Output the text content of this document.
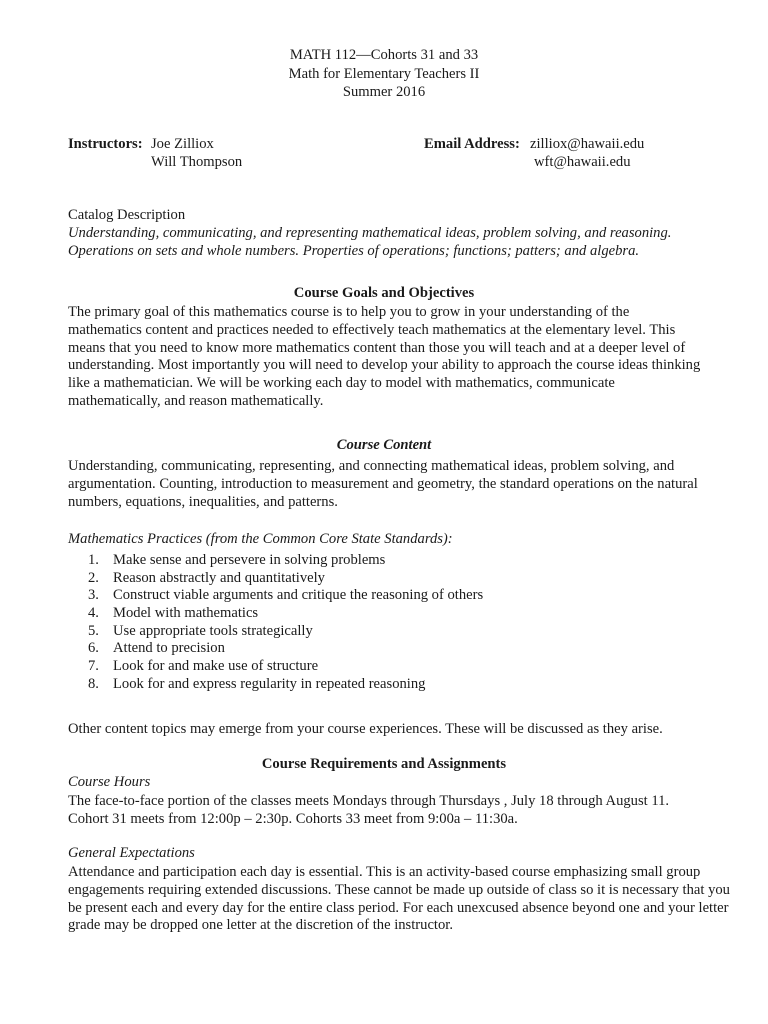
MATH 112—Cohorts 31 and 33
Math for Elementary Teachers II
Summer 2016
Instructors: Joe Zilliox
Will Thompson
Email Address: zilliox@hawaii.edu
wft@hawaii.edu
Catalog Description
Understanding, communicating, and representing mathematical ideas, problem solving, and reasoning. Operations on sets and whole numbers. Properties of operations; functions; patters; and algebra.
Course Goals and Objectives
The primary goal of this mathematics course is to help you to grow in your understanding of the mathematics content and practices needed to effectively teach mathematics at the elementary level. This means that you need to know more mathematics content than those you will teach and at a deeper level of understanding. Most importantly you will need to develop your ability to approach the course ideas thinking like a mathematician. We will be working each day to model with mathematics, communicate mathematically, and reason mathematically.
Course Content
Understanding, communicating, representing, and connecting mathematical ideas, problem solving, and argumentation. Counting, introduction to measurement and geometry, the standard operations on the natural numbers, equations, inequalities, and patterns.
Mathematics Practices (from the Common Core State Standards):
1. Make sense and persevere in solving problems
2. Reason abstractly and quantitatively
3. Construct viable arguments and critique the reasoning of others
4. Model with mathematics
5. Use appropriate tools strategically
6. Attend to precision
7. Look for and make use of structure
8. Look for and express regularity in repeated reasoning
Other content topics may emerge from your course experiences. These will be discussed as they arise.
Course Requirements and Assignments
Course Hours
The face-to-face portion of the classes meets Mondays through Thursdays , July 18 through August 11. Cohort 31 meets from 12:00p – 2:30p. Cohorts 33 meet from 9:00a – 11:30a.
General Expectations
Attendance and participation each day is essential. This is an activity-based course emphasizing small group engagements requiring extended discussions. These cannot be made up outside of class so it is necessary that you be present each and every day for the entire class period. For each unexcused absence beyond one and your letter grade may be dropped one letter at the discretion of the instructor.
